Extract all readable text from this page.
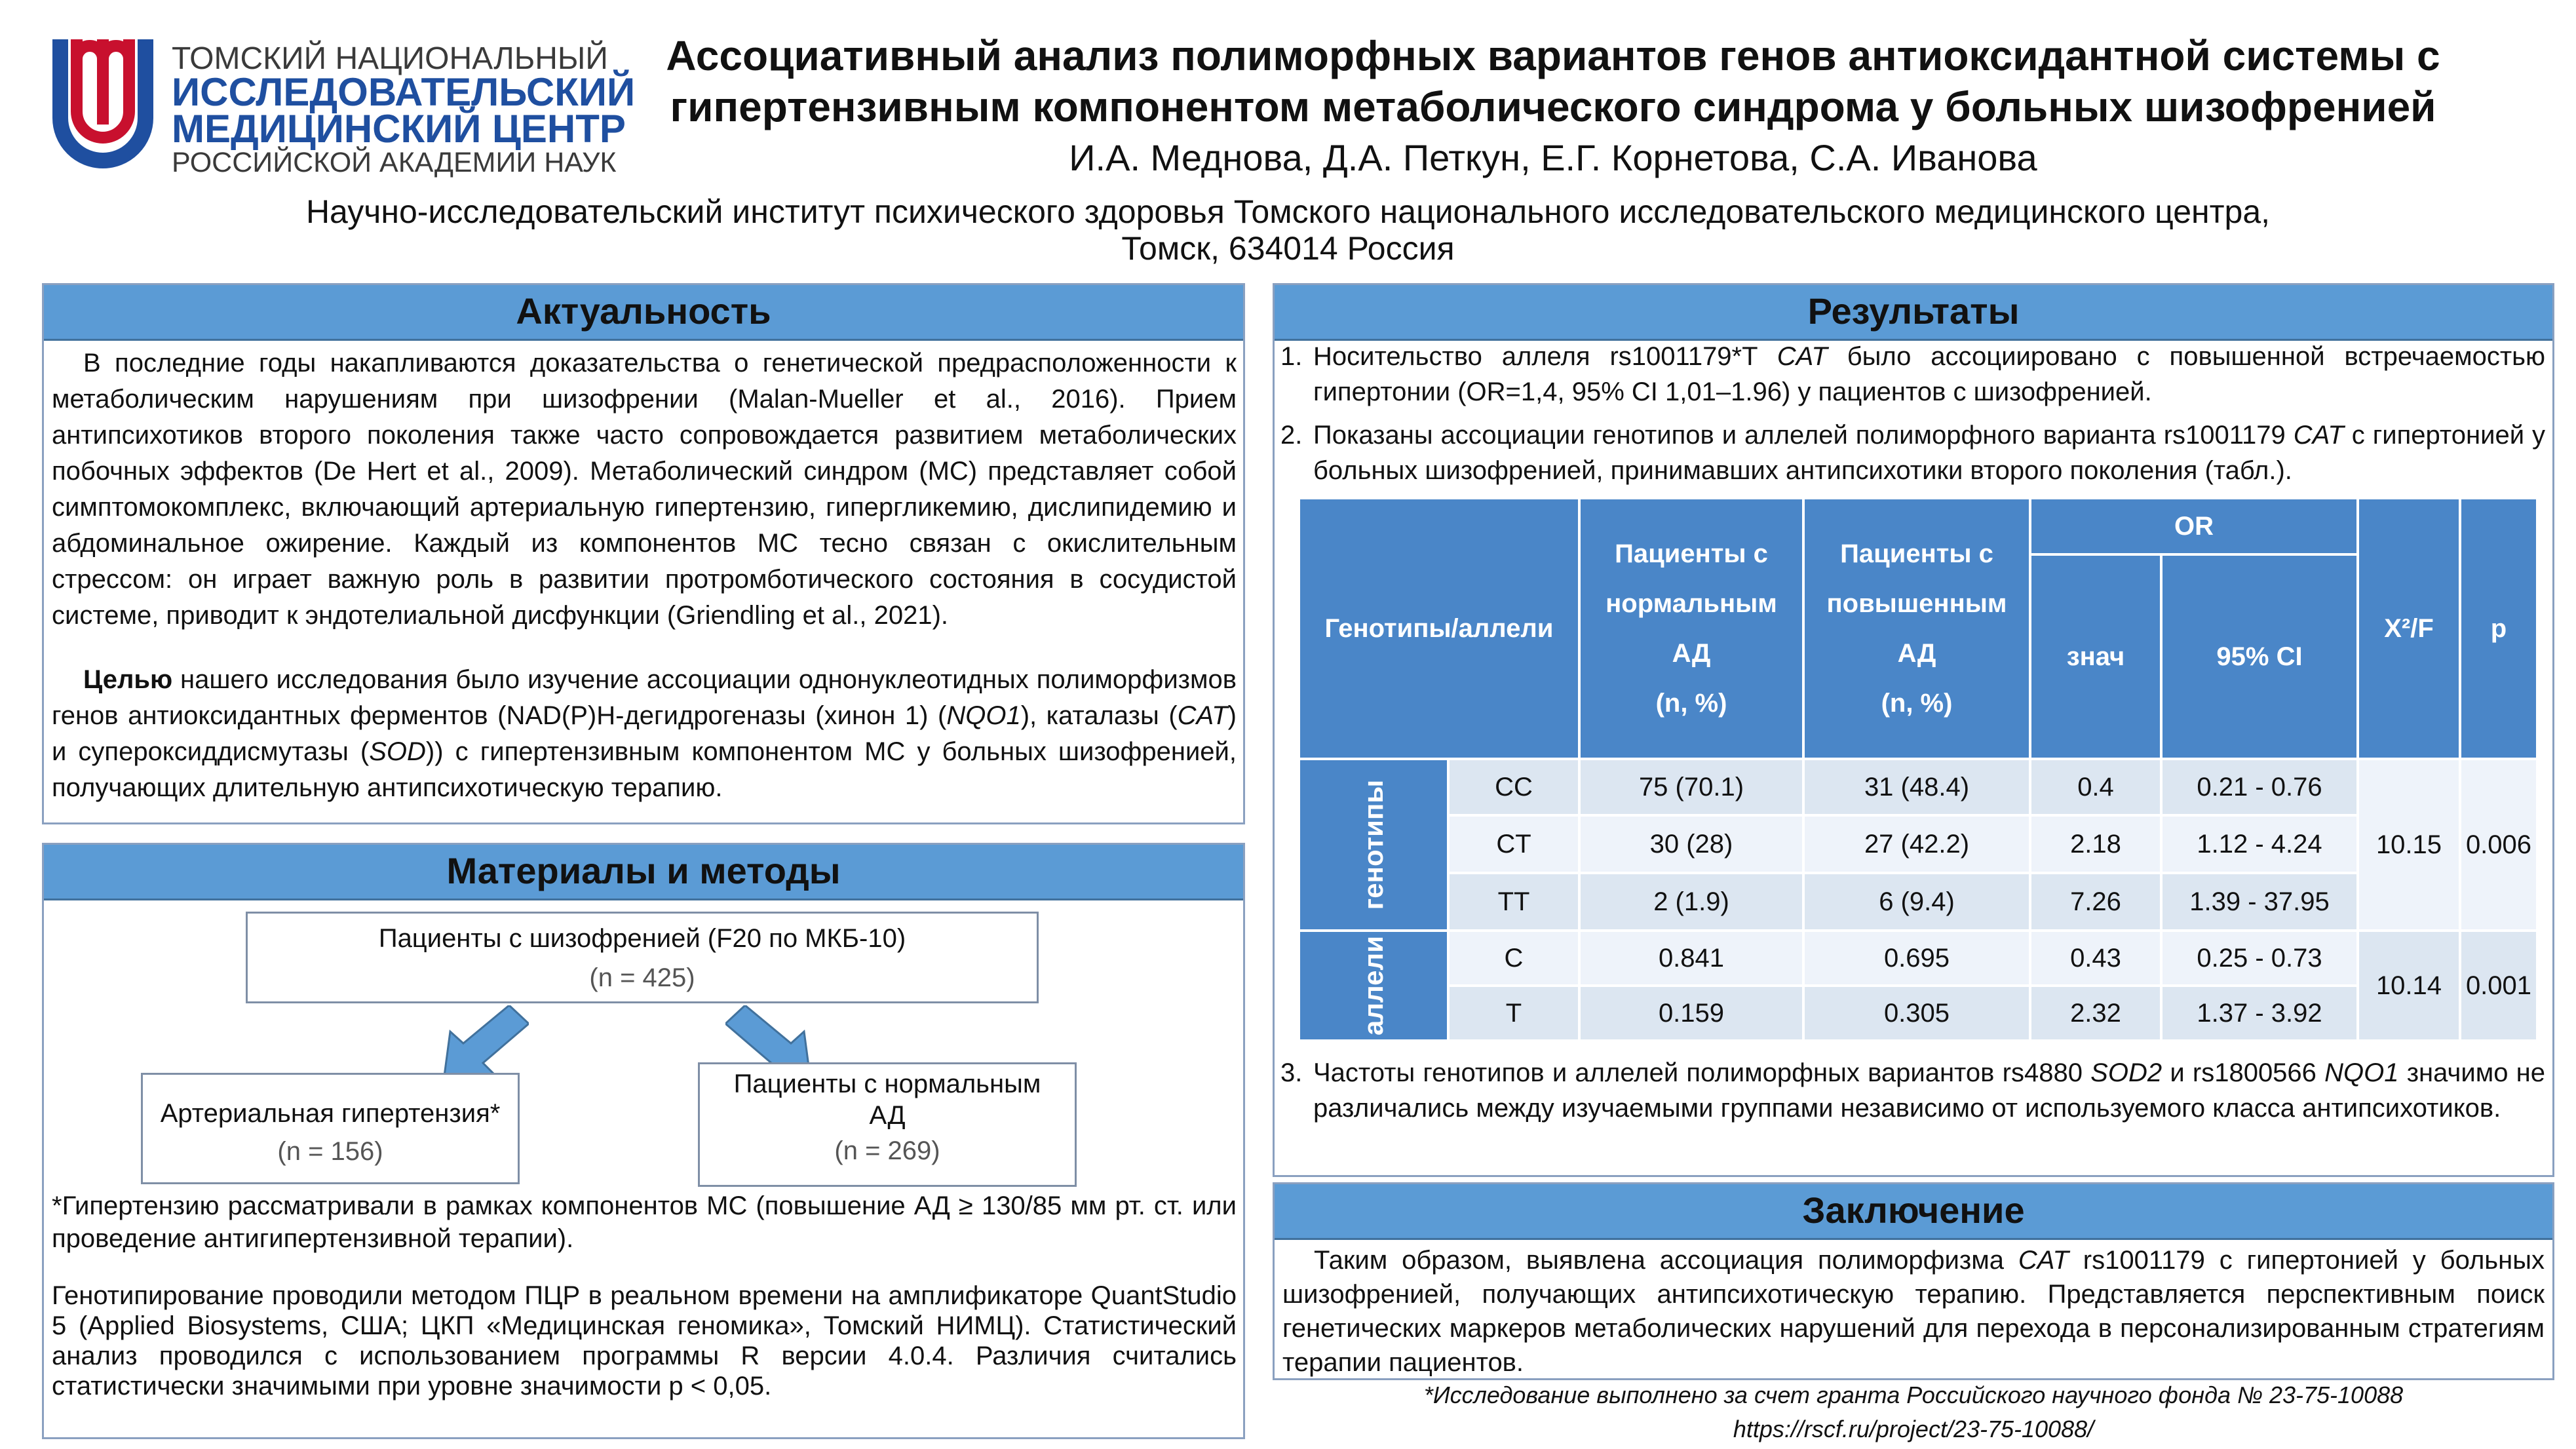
ТОМСКИЙ НАЦИОНАЛЬНЫЙ
ИССЛЕДОВАТЕЛЬСКИЙ
МЕДИЦИНСКИЙ ЦЕНТР
РОССИЙСКОЙ АКАДЕМИИ НАУК
Ассоциативный анализ полиморфных вариантов генов антиоксидантной системы с
гипертензивным компонентом метаболического синдрома у больных шизофренией
И.А. Меднова, Д.А. Петкун, Е.Г. Корнетова, С.А. Иванова
Научно-исследовательский институт психического здоровья Томского национального исследовательского медицинского центра,
Томск, 634014 Россия
Актуальность
В последние годы накапливаются доказательства о генетической предрасположенности к метаболическим нарушениям при шизофрении (Malan-Mueller et al., 2016). Прием антипсихотиков второго поколения также часто сопровождается развитием метаболических побочных эффектов (De Hert et al., 2009). Метаболический синдром (МС) представляет собой симптомокомплекс, включающий артериальную гипертензию, гипергликемию, дислипидемию и абдоминальное ожирение. Каждый из компонентов МС тесно связан с окислительным стрессом: он играет важную роль в развитии протромботического состояния в сосудистой системе, приводит к эндотелиальной дисфункции (Griendling et al., 2021).
Целью нашего исследования было изучение ассоциации однонуклеотидных полиморфизмов генов антиоксидантных ферментов (NAD(P)H-дегидрогеназы (хинон 1) (NQO1), каталазы (CAT) и супероксиддисмутазы (SOD)) с гипертензивным компонентом МС у больных шизофренией, получающих длительную антипсихотическую терапию.
Материалы и методы
Пациенты с шизофренией (F20 по МКБ-10)
(n = 425)
Артериальная гипертензия*
(n = 156)
Пациенты с нормальным АД
(n = 269)
*Гипертензию рассматривали в рамках компонентов МС (повышение АД ≥ 130/85 мм рт. ст. или проведение антигипертензивной терапии).
Генотипирование проводили методом ПЦР в реальном времени на амплификаторе QuantStudio 5 (Applied Biosystems, США; ЦКП «Медицинская геномика», Томский НИМЦ). Статистический анализ проводился с использованием программы R версии 4.0.4. Различия считались статистически значимыми при уровне значимости p < 0,05.
Результаты
1. Носительство аллеля rs1001179*T CAT было ассоциировано с повышенной встречаемостью гипертонии (OR=1,4, 95% CI 1,01–1.96) у пациентов с шизофренией.
2. Показаны ассоциации генотипов и аллелей полиморфного варианта rs1001179 CAT с гипертонией у больных шизофренией, принимавших антипсихотики второго поколения (табл.).
Генотипы/аллели
Пациенты с
нормальным
АД
(n, %)
Пациенты с
повышенным
АД
(n, %)
OR
знач	95% CI
Χ²/F	p
генотипы
аллели
CC	75 (70.1)	31 (48.4)	0.4	0.21 - 0.76
CT	30 (28)	27 (42.2)	2.18	1.12 - 4.24
TT	2 (1.9)	6 (9.4)	7.26	1.39 - 37.95
10.15 0.006
C	0.841	0.695	0.43	0.25 - 0.73
T	0.159	0.305	2.32	1.37 - 3.92
10.14 0.001
3. Частоты генотипов и аллелей полиморфных вариантов rs4880 SOD2 и rs1800566 NQO1 значимо не различались между изучаемыми группами независимо от используемого класса антипсихотиков.
Заключение
Таким образом, выявлена ассоциация полиморфизма CAT rs1001179 с гипертонией у больных шизофренией, получающих антипсихотическую терапию. Представляется перспективным поиск генетических маркеров метаболических нарушений для перехода в персонализированным стратегиям терапии пациентов.
*Исследование выполнено за счет гранта Российского научного фонда № 23-75-10088
https://rscf.ru/project/23-75-10088/
